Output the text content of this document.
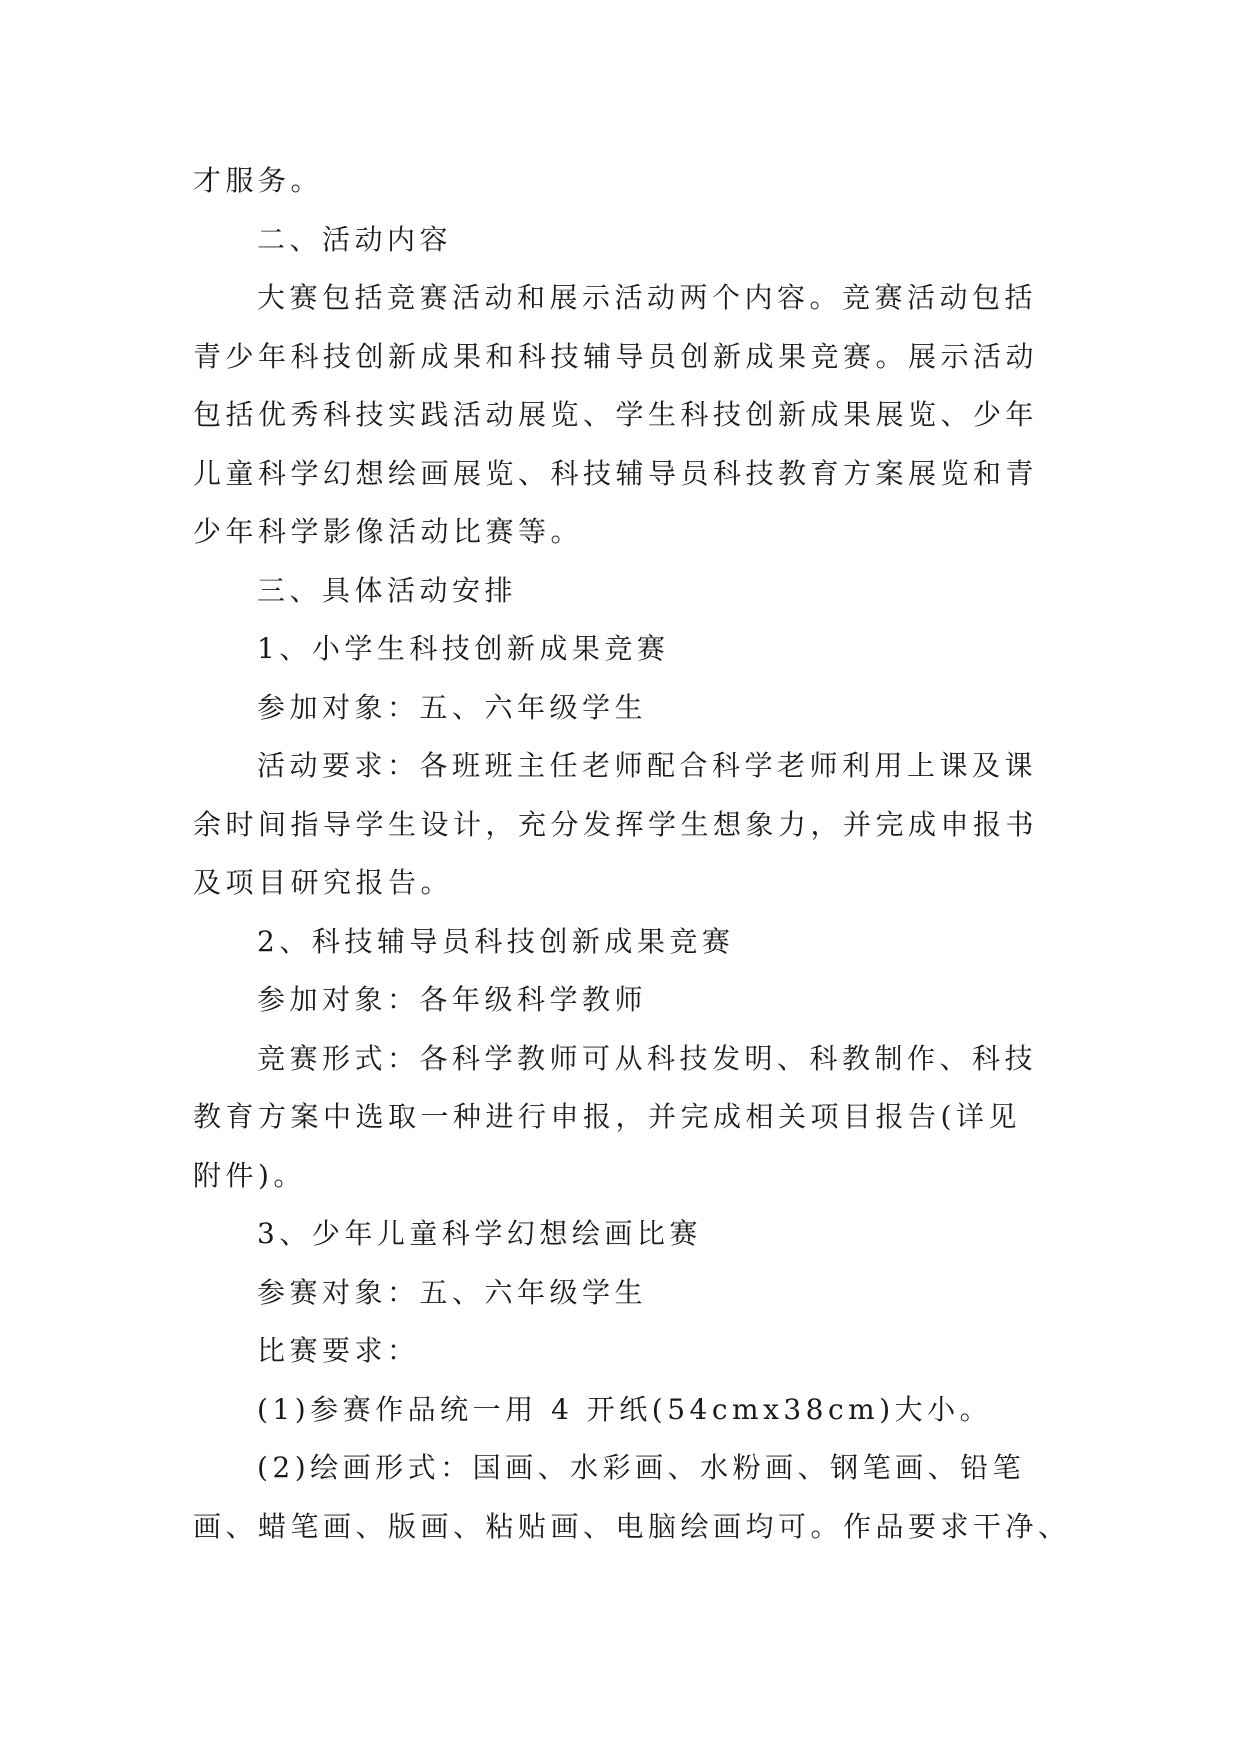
才服务。
二、活动内容
大赛包括竞赛活动和展示活动两个内容。竞赛活动包括
青少年科技创新成果和科技辅导员创新成果竞赛。展示活动
包括优秀科技实践活动展览、学生科技创新成果展览、少年
儿童科学幻想绘画展览、科技辅导员科技教育方案展览和青
少年科学影像活动比赛等。
三、具体活动安排
1、小学生科技创新成果竞赛
参加对象：五、六年级学生
活动要求：各班班主任老师配合科学老师利用上课及课
余时间指导学生设计，充分发挥学生想象力，并完成申报书
及项目研究报告。
2、科技辅导员科技创新成果竞赛
参加对象：各年级科学教师
竞赛形式：各科学教师可从科技发明、科教制作、科技
教育方案中选取一种进行申报，并完成相关项目报告(详见
附件)。
3、少年儿童科学幻想绘画比赛
参赛对象：五、六年级学生
比赛要求：
(1)参赛作品统一用 4 开纸(54cmx38cm)大小。
(2)绘画形式：国画、水彩画、水粉画、钢笔画、铅笔
画、蜡笔画、版画、粘贴画、电脑绘画均可。作品要求干净、
